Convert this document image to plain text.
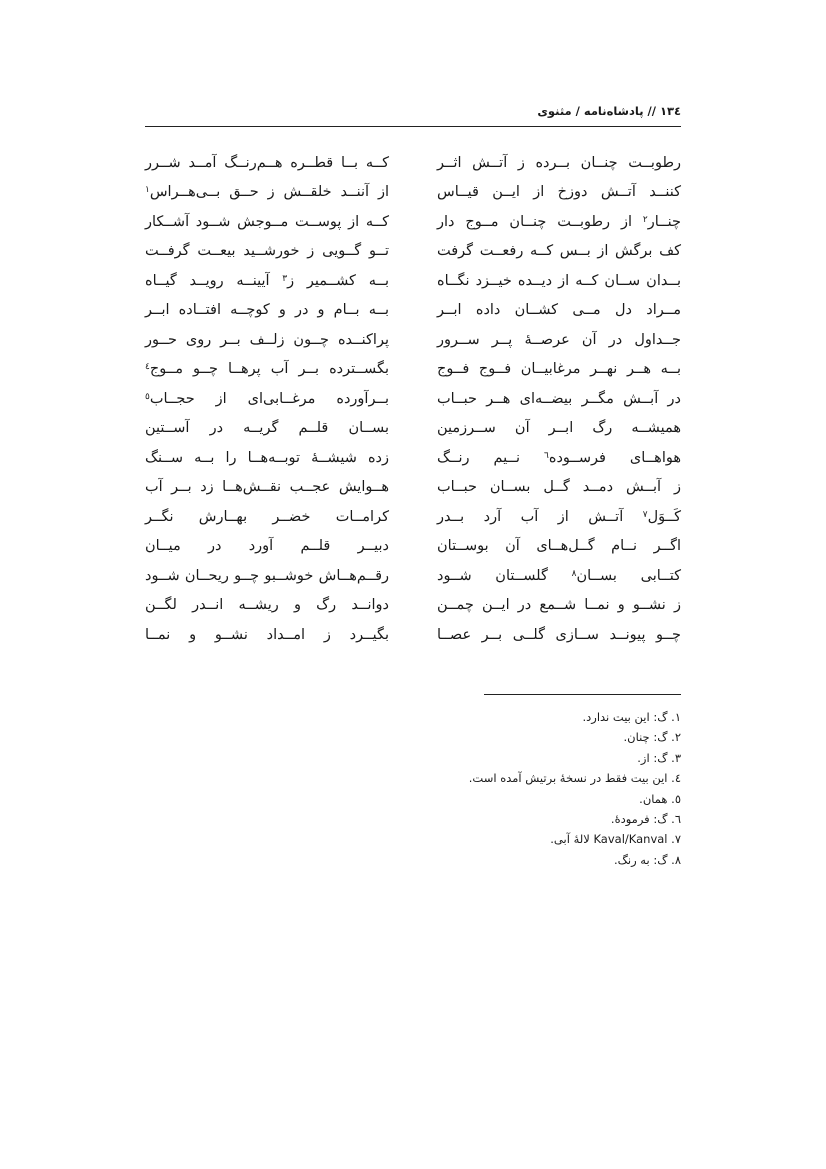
١٣٤ // پادشاه‌نامه / مثنوی
رطوبــت چنــان بــرده ز آتــش اثــر
کــه بــا قطــره هــم‌رنــگ آمــد شــرر
کننــد آتــش دوزخ از ایــن قیــاس
از آننــد خلقــش ز حــق بــی‌هــراس$^١$
چنــار$^٢$ از رطوبــت چنــان مــوج دار
کــه از پوســت مــوجش شــود آشــکار
کف برگش از بــس کــه رفعــت گرفت
تــو گــویی ز خورشــید بیعــت گرفــت
بــدان ســان کــه از دیــده خیــزد نگــاه
بــه کشــمیر ز$^٣$ آیینــه رویــد گیــاه
مــراد دل مــی کشــان داده ابــر
بــه بــام و در و کوچــه افتــاده ابــر
جــداول در آن عرصــهٔ پــر ســرور
پراکنــده چــون زلــف بــر روی حــور
بــه هــر نهــر مرغابیــان فــوج فــوج
بگســترده بــر آب پرهــا چــو مــوج$^٤$
در آبــش مگــر بیضــه‌ای هــر حبــاب
بــرآورده مرغــابی‌ای از حجــاب$^٥$
همیشــه رگ ابــر آن ســرزمین
بســان قلــم گریــه در آســتین
هواهــای فرســوده$^٦$ نــیم رنــگ
زده شیشــهٔ توبــه‌هــا را بــه ســنگ
ز آبــش دمــد گــل بســان حبــاب
هــوایش عجــب نقــش‌هــا زد بــر آب
کَــوَل$^٧$ آتــش از آب آرد بــدر
کرامــات خضــر بهــارش نگــر
اگــر نــام گــل‌هــای آن بوســتان
دبیــر قلــم آورد در میــان
کتــابی بســان$^٨$ گلســتان شــود
رقــم‌هــاش خوشــبو چــو ریحــان شــود
ز نشــو و نمــا شــمع در ایــن چمــن
دوانــد رگ و ریشــه انــدر لگــن
چــو پیونــد ســازی گلــی بــر عصــا
بگیــرد ز امــداد نشــو و نمــا
١. گ: این بیت ندارد.
٢. گ: چنان.
٣. گ: از.
٤. این بیت فقط در نسخهٔ برتیش آمده است.
٥. همان.
٦. گ: فرمودهٔ.
٧. Kaval/Kanval لالهٔ آبی.
٨. گ: به رنگ.
